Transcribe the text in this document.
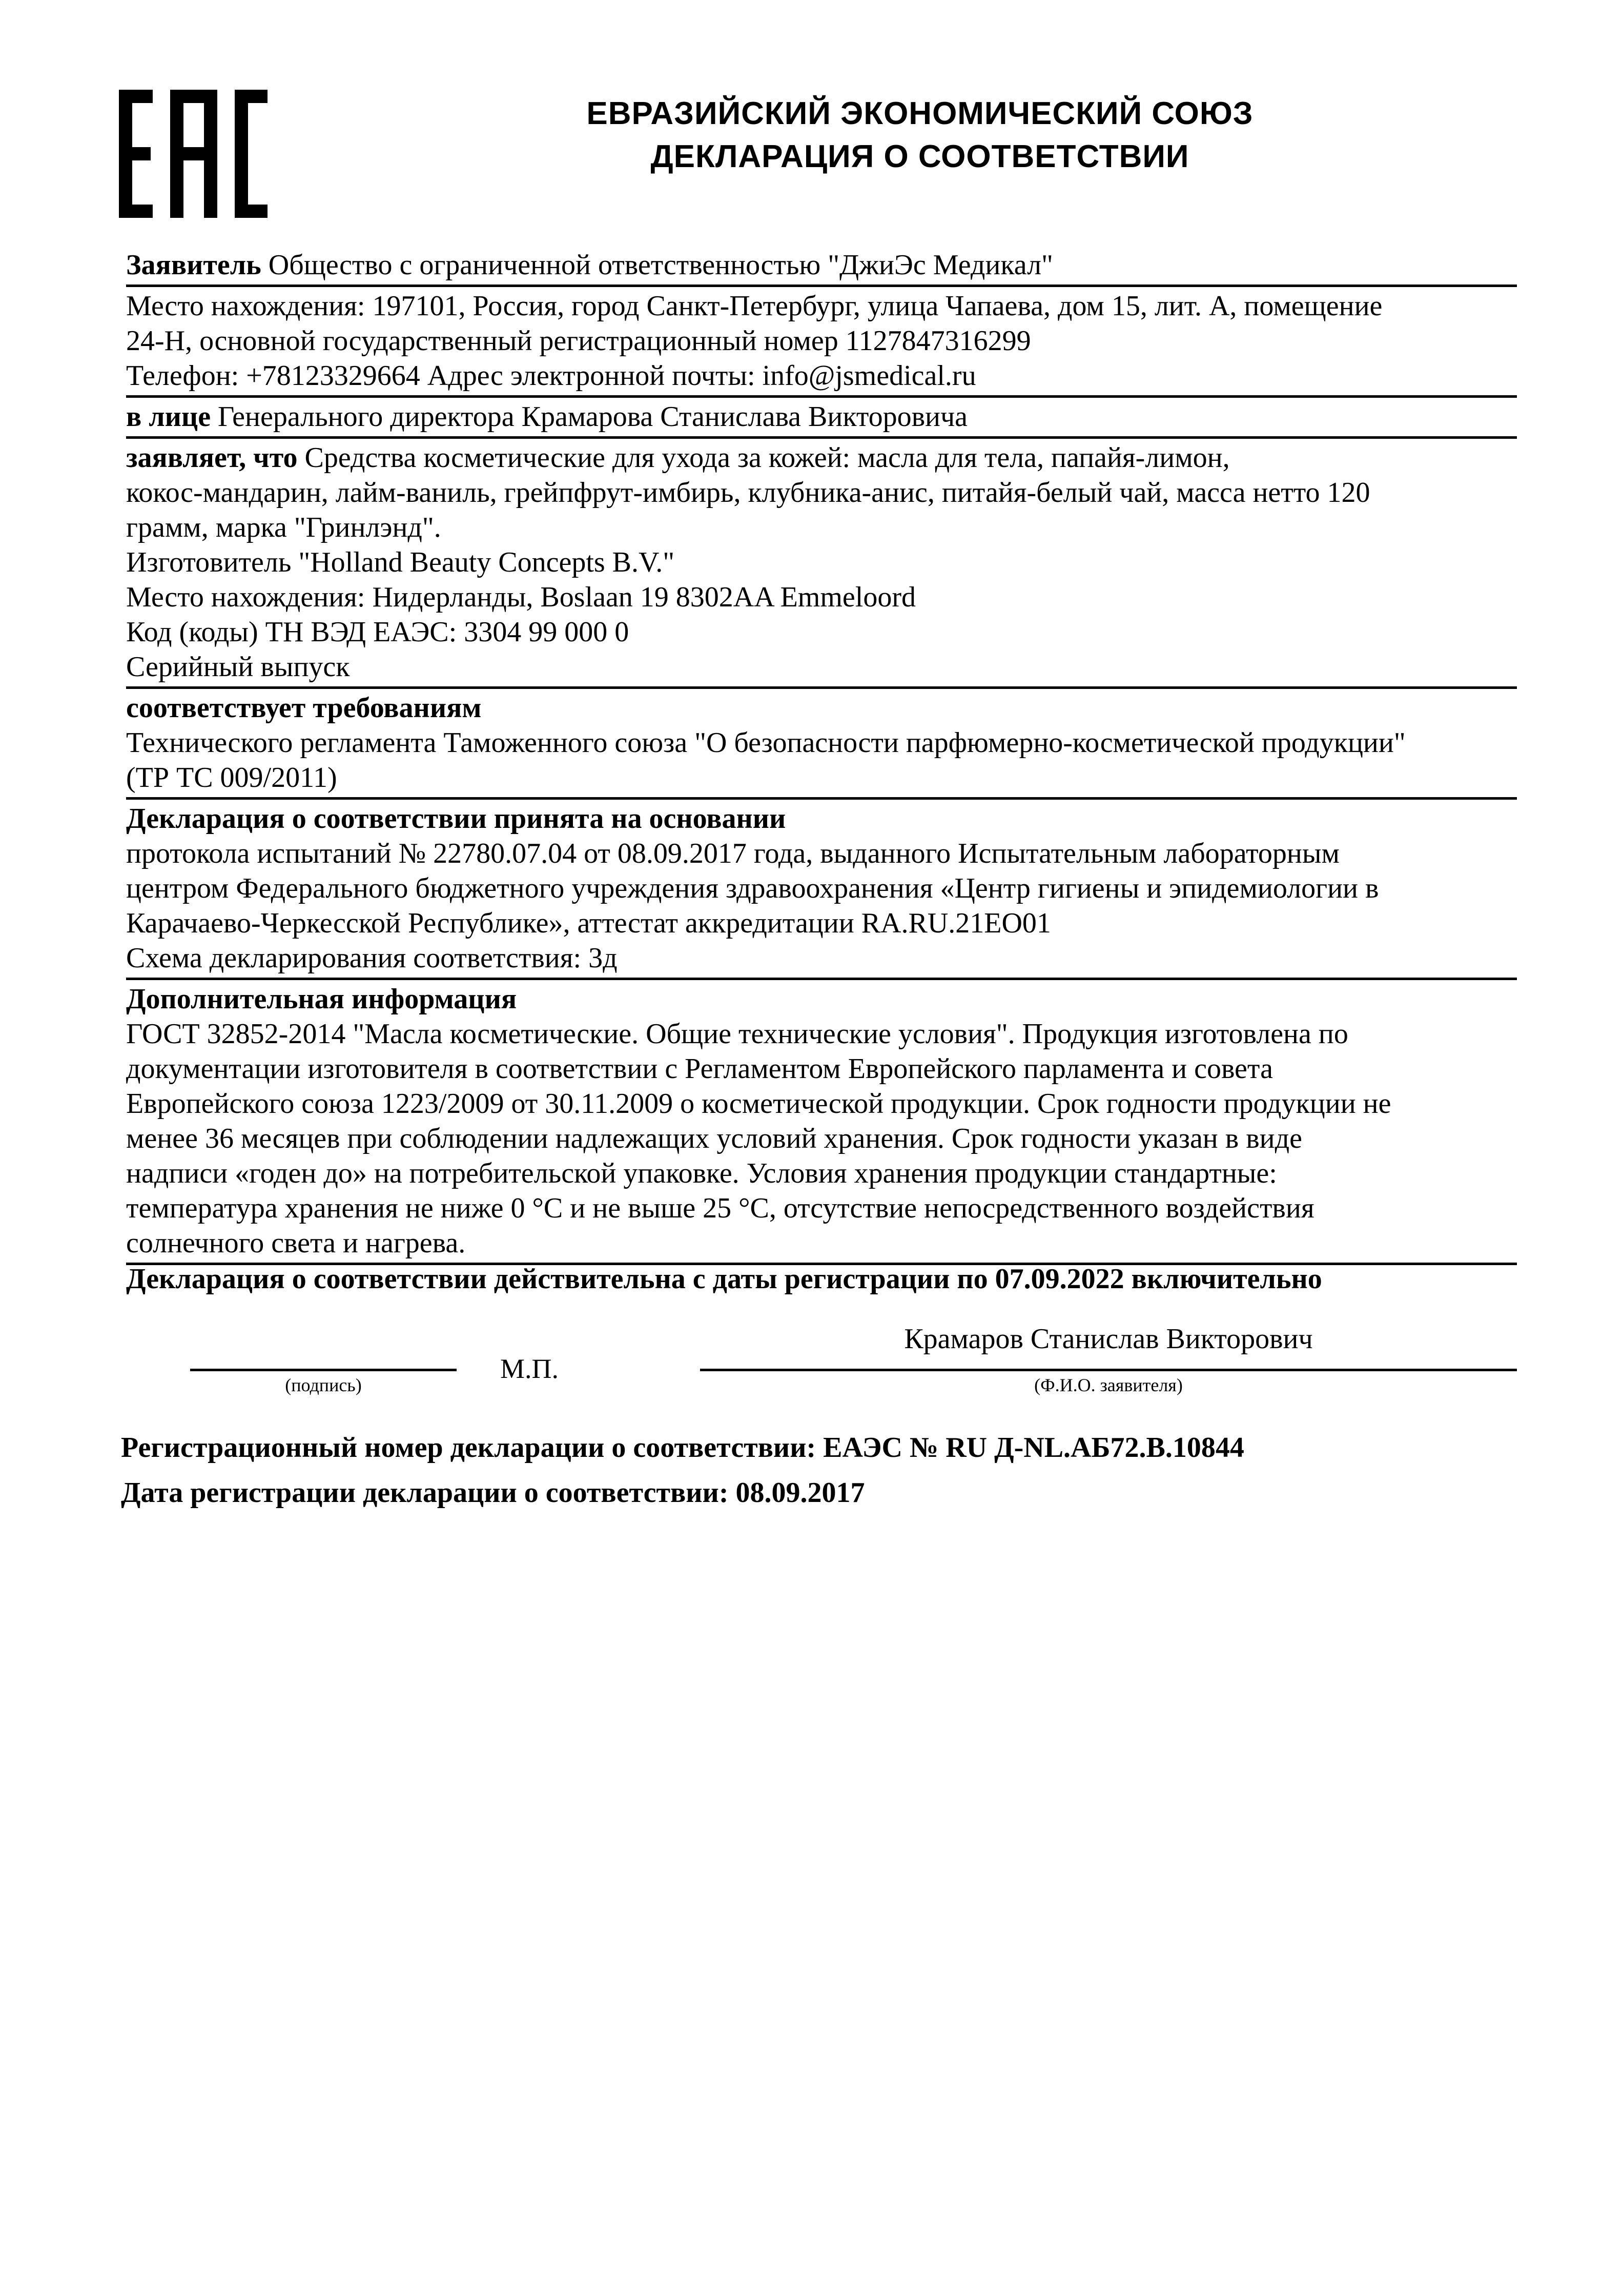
ЕВРАЗИЙСКИЙ ЭКОНОМИЧЕСКИЙ СОЮЗ
ДЕКЛАРАЦИЯ О СООТВЕТСТВИИ
Заявитель Общество с ограниченной ответственностью "ДжиЭс Медикал"
Место нахождения: 197101, Россия, город Санкт-Петербург, улица Чапаева, дом 15, лит. А, помещение
24-Н, основной государственный регистрационный номер 1127847316299
Телефон: +78123329664 Адрес электронной почты: info@jsmedical.ru
в лице Генерального директора Крамарова Станислава Викторовича
заявляет, что Средства косметические для ухода за кожей: масла для тела, папайя-лимон,
кокос-мандарин, лайм-ваниль, грейпфрут-имбирь, клубника-анис, питайя-белый чай, масса нетто 120
грамм, марка "Гринлэнд".
Изготовитель "Holland Beauty Concepts B.V."
Место нахождения: Нидерланды, Boslaan 19 8302AA Emmeloord
Код (коды) ТН ВЭД ЕАЭС: 3304 99 000 0
Серийный выпуск
соответствует требованиям
Технического регламента Таможенного союза "О безопасности парфюмерно-косметической продукции"
(ТР ТС 009/2011)
Декларация о соответствии принята на основании
протокола испытаний № 22780.07.04 от 08.09.2017 года, выданного Испытательным лабораторным
центром Федерального бюджетного учреждения здравоохранения «Центр гигиены и эпидемиологии в
Карачаево-Черкесской Республике», аттестат аккредитации RA.RU.21EO01
Схема декларирования соответствия: 3д
Дополнительная информация
ГОСТ 32852-2014 "Масла косметические. Общие технические условия". Продукция изготовлена по
документации изготовителя в соответствии с Регламентом Европейского парламента и совета
Европейского союза 1223/2009 от 30.11.2009 о косметической продукции. Срок годности продукции не
менее 36 месяцев при соблюдении надлежащих условий хранения. Срок годности указан в виде
надписи «годен до» на потребительской упаковке. Условия хранения продукции стандартные:
температура хранения не ниже 0 °С и не выше 25 °С, отсутствие непосредственного воздействия
солнечного света и нагрева.
Декларация о соответствии действительна с даты регистрации по 07.09.2022 включительно
(подпись)
М.П.
Крамаров Станислав Викторович
(Ф.И.О. заявителя)
Регистрационный номер декларации о соответствии: ЕАЭС № RU Д-NL.АБ72.В.10844
Дата регистрации декларации о соответствии: 08.09.2017
